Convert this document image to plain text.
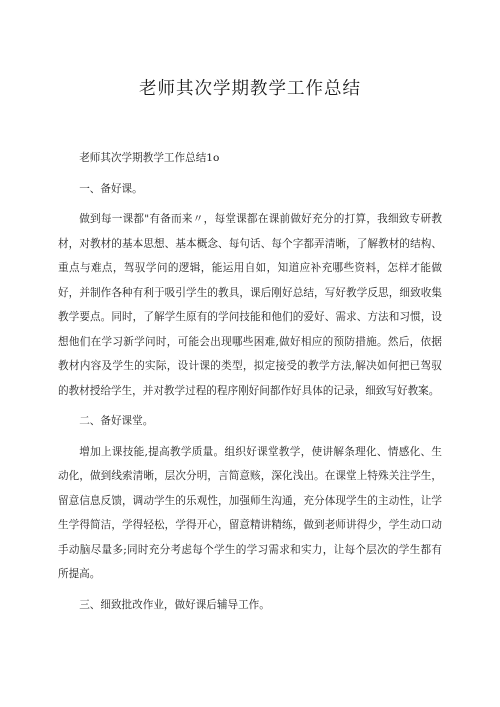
老师其次学期教学工作总结

老师其次学期教学工作总结1o

一、备好课。

做到每一课都"有备而来〃，每堂课都在课前做好充分的打算，我细致专研教材，对教材的基本思想、基本概念、每句话、每个字都弄清晰，了解教材的结构、重点与难点，驾驭学问的逻辑，能运用自如，知道应补充哪些资料，怎样才能做好，并制作各种有利于吸引学生的教具，课后刚好总结，写好教学反思，细致收集教学要点。同时，了解学生原有的学问技能和他们的爱好、需求、方法和习惯，设想他们在学习新学问时，可能会出现哪些困难,做好相应的预防措施。然后，依据教材内容及学生的实际，设计课的类型，拟定接受的教学方法,解决如何把已驾驭的教材授给学生，并对教学过程的程序刚好间都作好具体的记录，细致写好教案。

二、备好课堂。

增加上课技能,提高教学质量。组织好课堂教学，使讲解条理化、情感化、生动化，做到线索清晰，层次分明，言简意赅，深化浅出。在课堂上特殊关注学生，留意信息反馈，调动学生的乐观性，加强师生沟通，充分体现学生的主动性，让学生学得简洁，学得轻松，学得开心，留意精讲精练，做到老师讲得少，学生动口动手动脑尽量多;同时充分考虑每个学生的学习需求和实力，让每个层次的学生都有所提高。

三、细致批改作业，做好课后辅导工作。
